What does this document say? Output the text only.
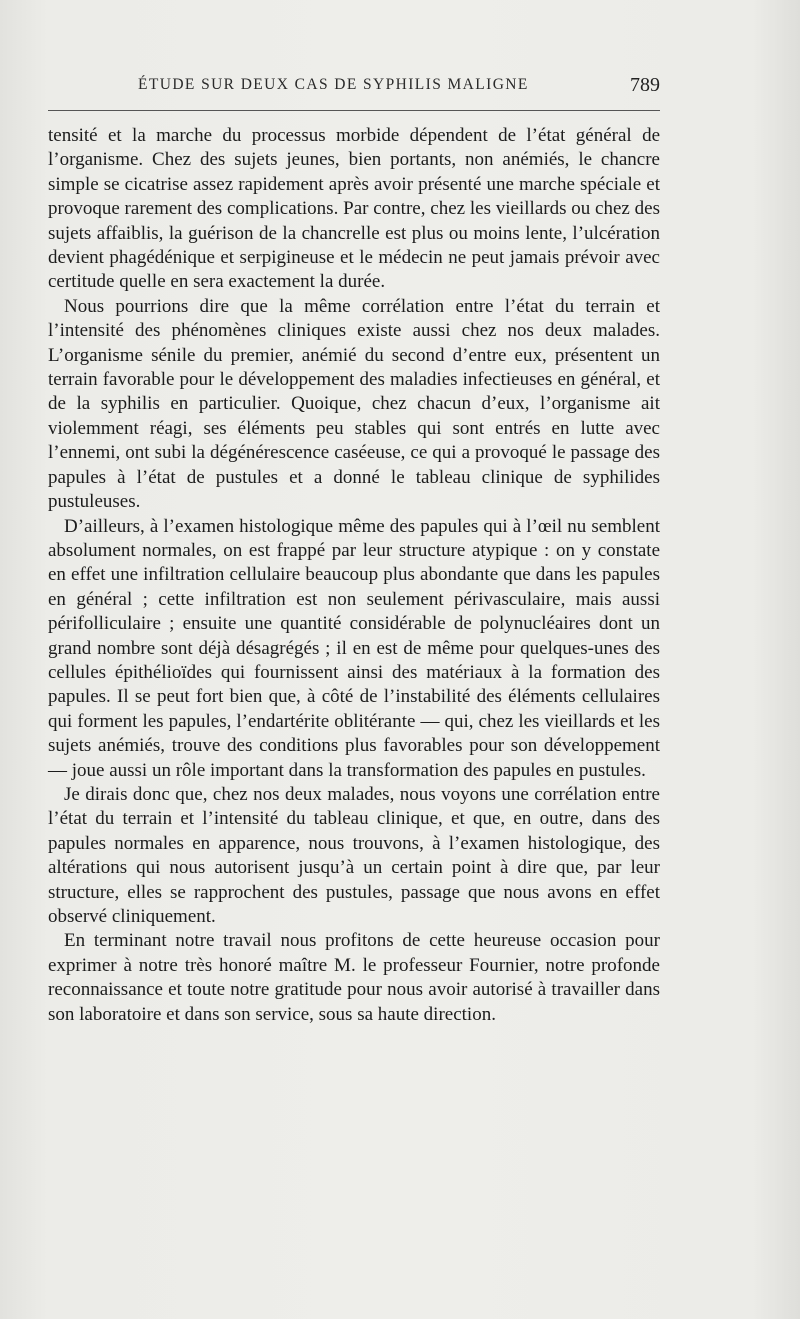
ÉTUDE SUR DEUX CAS DE SYPHILIS MALIGNE	789

tensité et la marche du processus morbide dépendent de l’état général de l’organisme. Chez des sujets jeunes, bien portants, non anémiés, le chancre simple se cicatrise assez rapidement après avoir présenté une marche spéciale et provoque rarement des complications. Par contre, chez les vieillards ou chez des sujets affaiblis, la guérison de la chancrelle est plus ou moins lente, l’ulcération devient phagédénique et serpigineuse et le médecin ne peut jamais prévoir avec certitude quelle en sera exactement la durée.

Nous pourrions dire que la même corrélation entre l’état du terrain et l’intensité des phénomènes cliniques existe aussi chez nos deux malades. L’organisme sénile du premier, anémié du second d’entre eux, présentent un terrain favorable pour le développement des maladies infectieuses en général, et de la syphilis en particulier. Quoique, chez chacun d’eux, l’organisme ait violemment réagi, ses éléments peu stables qui sont entrés en lutte avec l’ennemi, ont subi la dégénérescence caséeuse, ce qui a provoqué le passage des papules à l’état de pustules et a donné le tableau clinique de syphilides pustuleuses.

D’ailleurs, à l’examen histologique même des papules qui à l’œil nu semblent absolument normales, on est frappé par leur structure atypique : on y constate en effet une infiltration cellulaire beaucoup plus abondante que dans les papules en général ; cette infiltration est non seulement périvasculaire, mais aussi périfolliculaire ; ensuite une quantité considérable de polynucléaires dont un grand nombre sont déjà désagrégés ; il en est de même pour quelques-unes des cellules épithélioïdes qui fournissent ainsi des matériaux à la formation des papules. Il se peut fort bien que, à côté de l’instabilité des éléments cellulaires qui forment les papules, l’endartérite oblitérante — qui, chez les vieillards et les sujets anémiés, trouve des conditions plus favorables pour son développement — joue aussi un rôle important dans la transformation des papules en pustules.

Je dirais donc que, chez nos deux malades, nous voyons une corrélation entre l’état du terrain et l’intensité du tableau clinique, et que, en outre, dans des papules normales en apparence, nous trouvons, à l’examen histologique, des altérations qui nous autorisent jusqu’à un certain point à dire que, par leur structure, elles se rapprochent des pustules, passage que nous avons en effet observé cliniquement.

En terminant notre travail nous profitons de cette heureuse occasion pour exprimer à notre très honoré maître M. le professeur Fournier, notre profonde reconnaissance et toute notre gratitude pour nous avoir autorisé à travailler dans son laboratoire et dans son service, sous sa haute direction.
